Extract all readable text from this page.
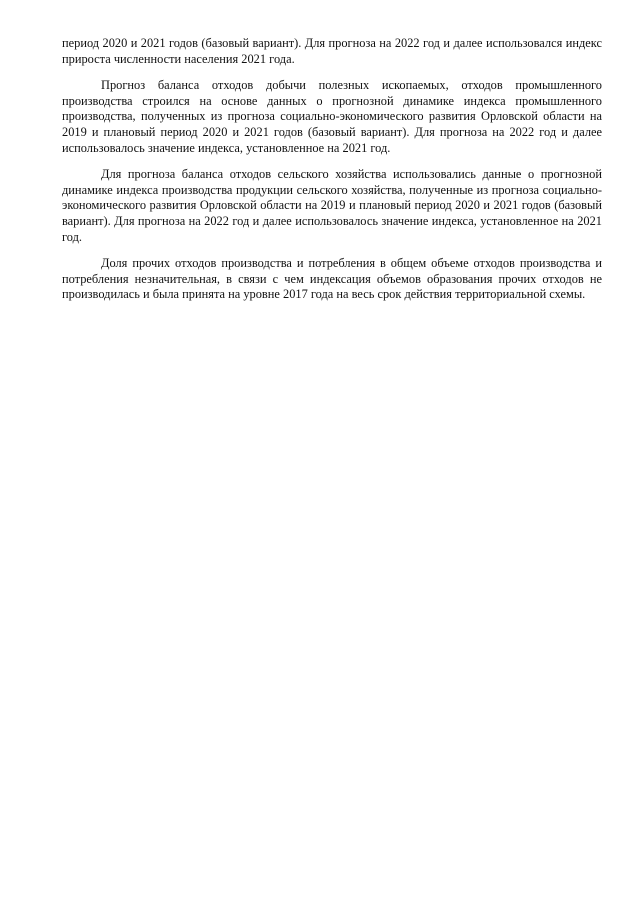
период 2020 и 2021 годов (базовый вариант). Для прогноза на 2022 год и далее использовался индекс прироста численности населения 2021 года.

Прогноз баланса отходов добычи полезных ископаемых, отходов промышленного производства строился на основе данных о прогнозной динамике индекса промышленного производства, полученных из прогноза социально-экономического развития Орловской области на 2019 и плановый период 2020 и 2021 годов (базовый вариант). Для прогноза на 2022 год и далее использовалось значение индекса, установленное на 2021 год.

Для прогноза баланса отходов сельского хозяйства использовались данные о прогнозной динамике индекса производства продукции сельского хозяйства, полученные из прогноза социально-экономического развития Орловской области на 2019 и плановый период 2020 и 2021 годов (базовый вариант). Для прогноза на 2022 год и далее использовалось значение индекса, установленное на 2021 год.

Доля прочих отходов производства и потребления в общем объеме отходов производства и потребления незначительная, в связи с чем индексация объемов образования прочих отходов не производилась и была принята на уровне 2017 года на весь срок действия территориальной схемы.
